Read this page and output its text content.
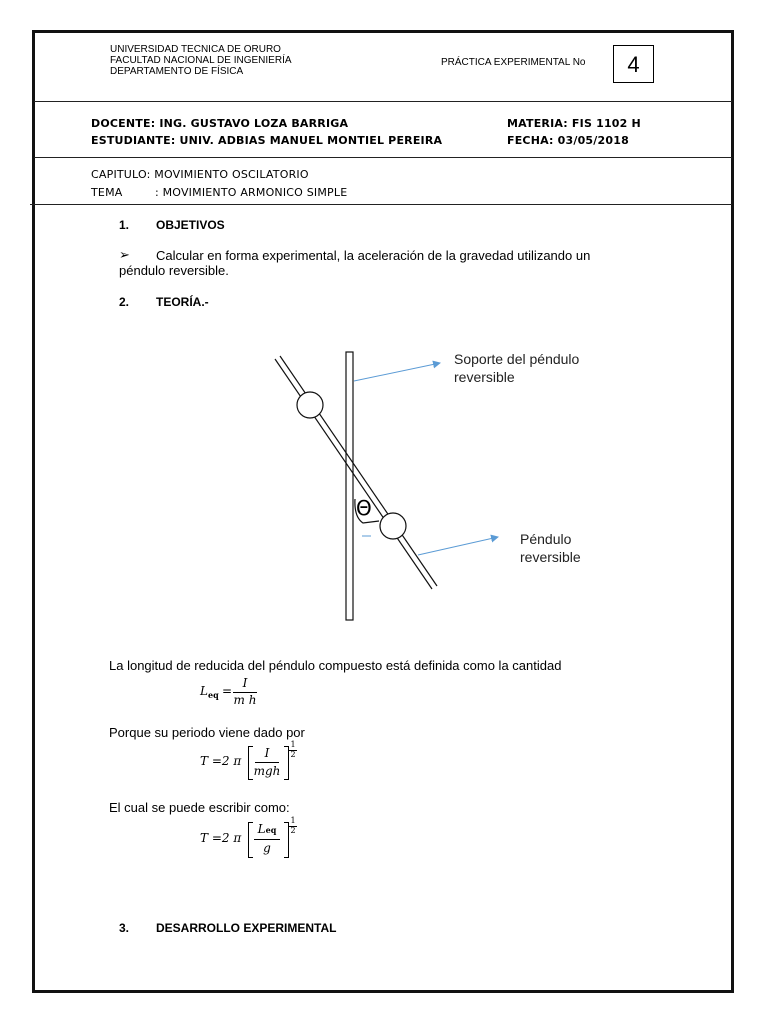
UNIVERSIDAD TECNICA DE ORURO
FACULTAD NACIONAL DE INGENIERÍA
DEPARTAMENTO DE FÍSICA
PRÁCTICA EXPERIMENTAL No	4
DOCENTE: ING. GUSTAVO LOZA BARRIGA
ESTUDIANTE: UNIV. ADBIAS MANUEL MONTIEL PEREIRA
MATERIA: FIS 1102 H
FECHA: 03/05/2018
CAPITULO: MOVIMIENTO OSCILATORIO
TEMA	: MOVIMIENTO ARMONICO SIMPLE
1. OBJETIVOS
➢ Calcular en forma experimental, la aceleración de la gravedad utilizando un
péndulo reversible.
2. TEORÍA.-
Θ
Soporte del péndulo
reversible
Péndulo
reversible
La longitud de reducida del péndulo compuesto está definida como la cantidad
L eq =
I
m h
Porque su periodo viene dado por
T =2 π
I
mgh
1
2
El cual se puede escribir como:
T =2 π
Leq
g
1
2
3. DESARROLLO EXPERIMENTAL
